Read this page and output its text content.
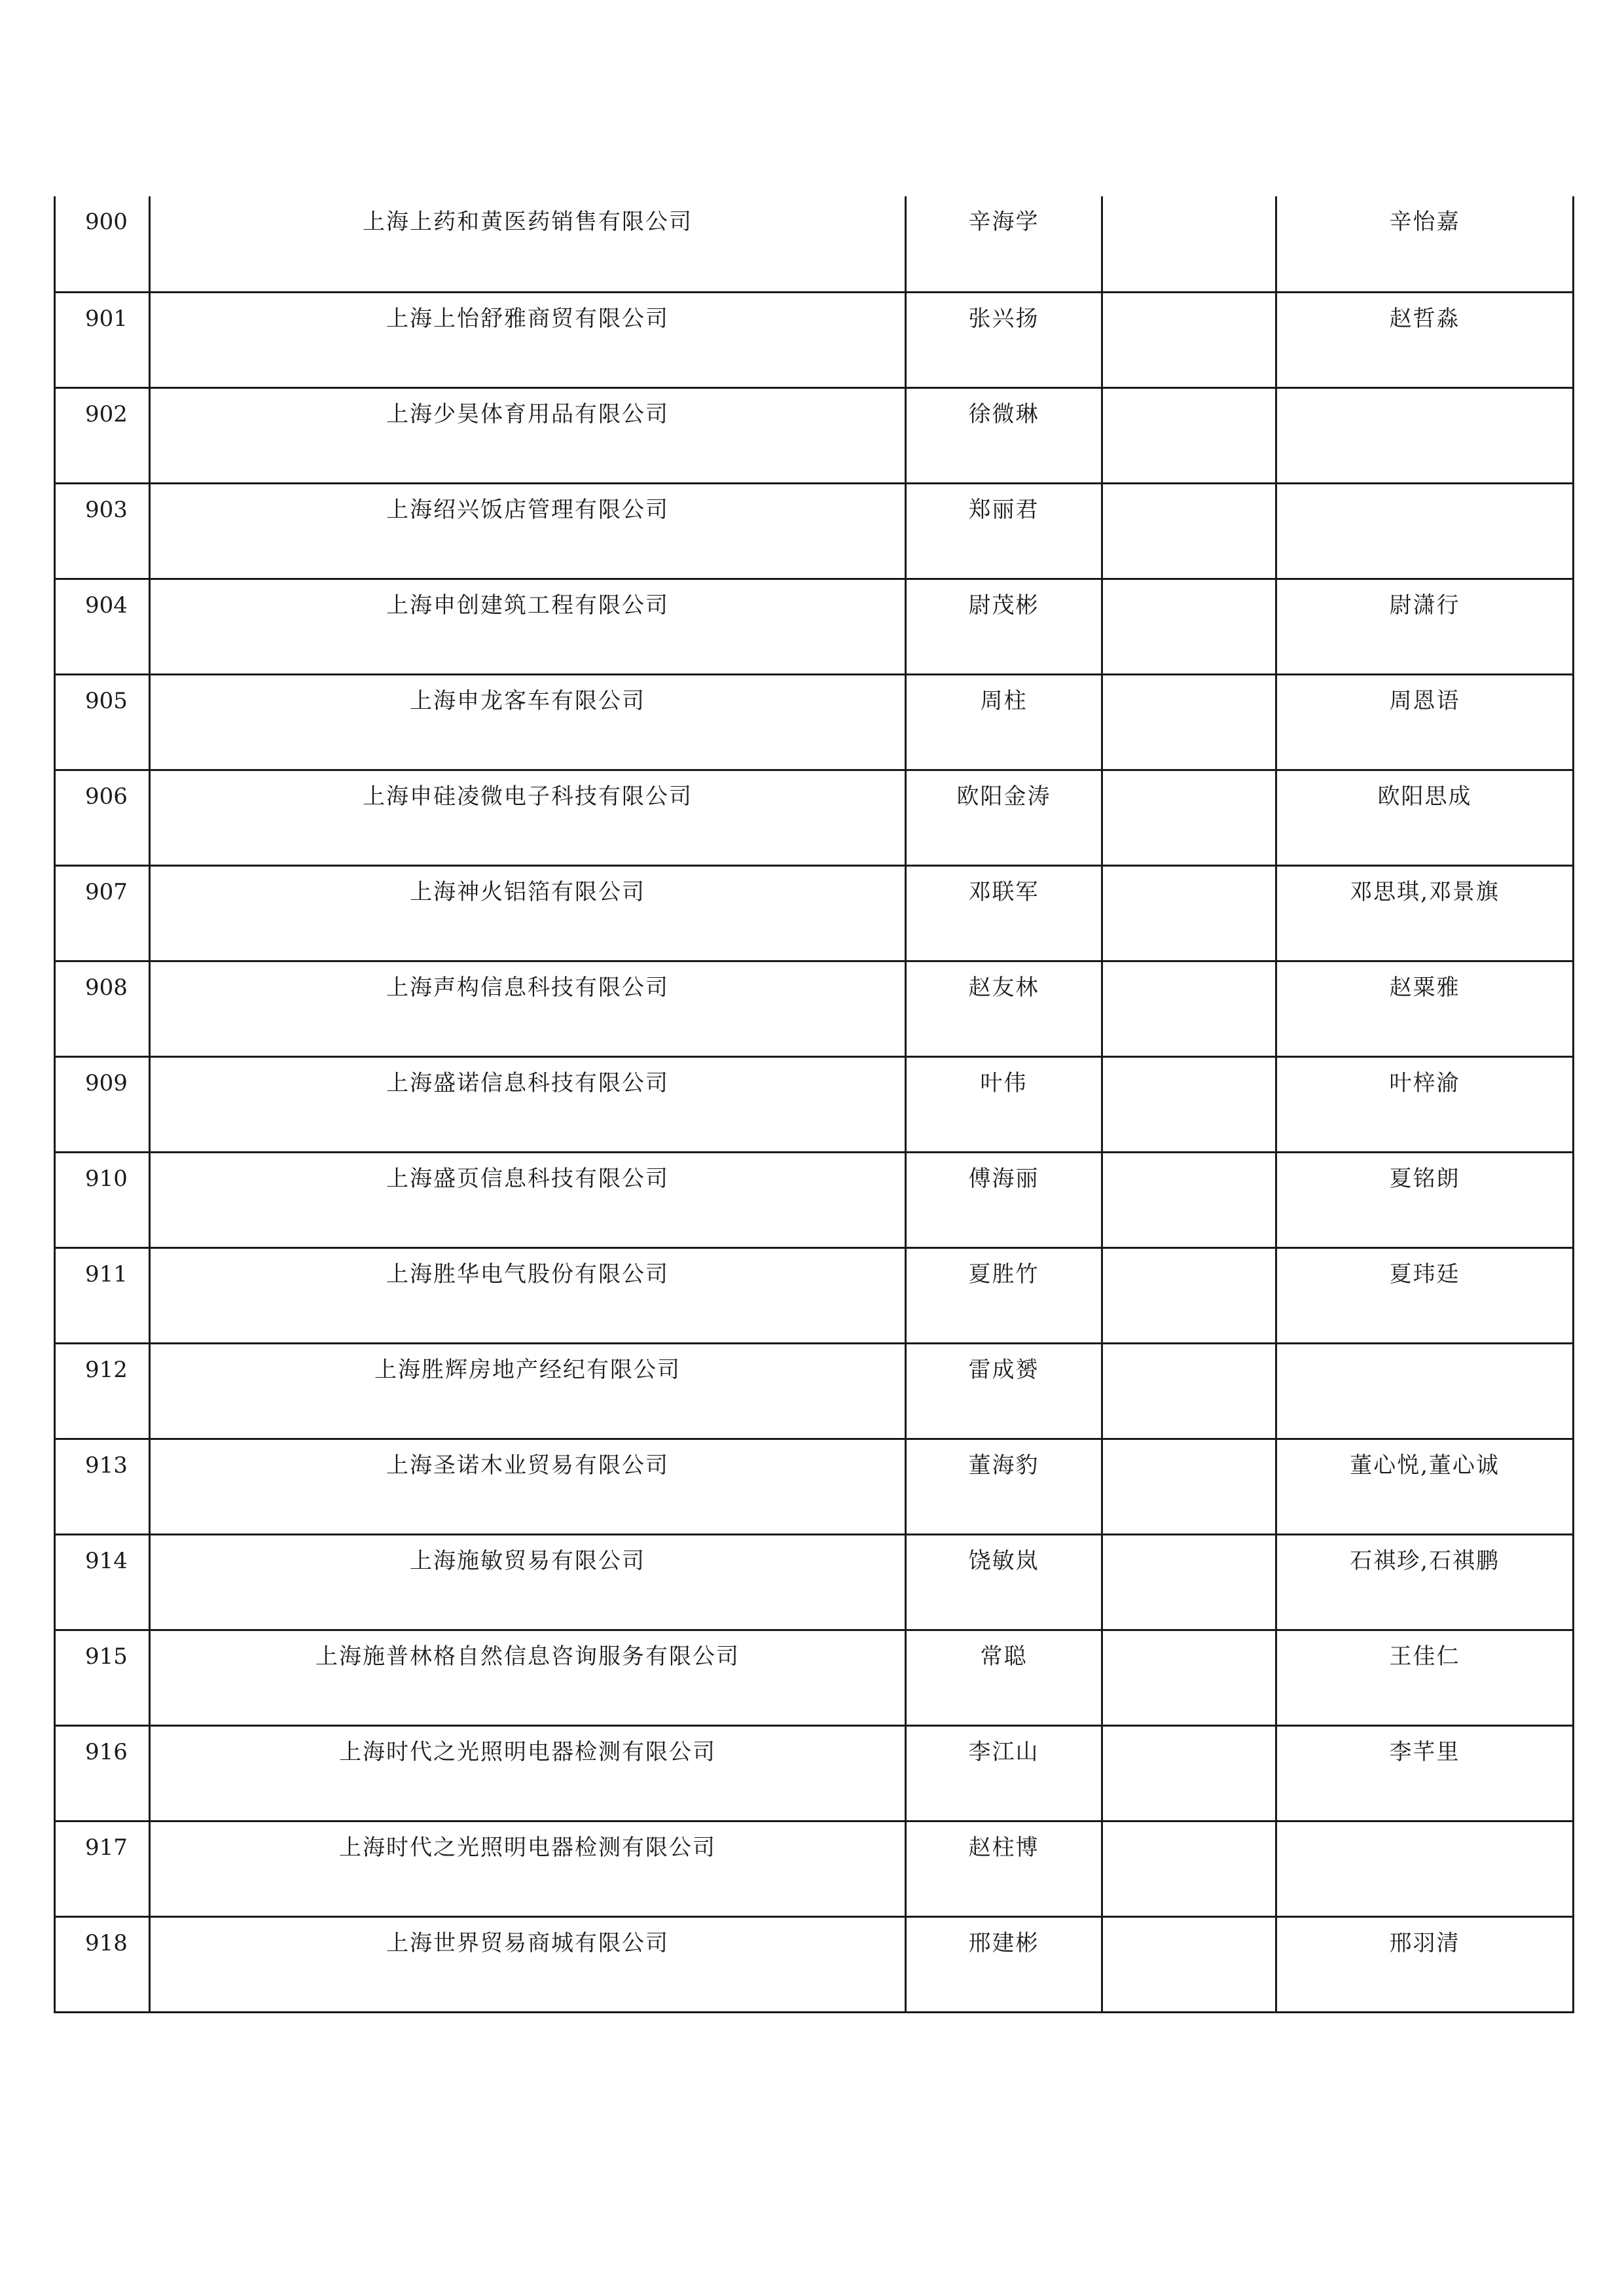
900	上海上药和黄医药销售有限公司	辛海学		辛怡嘉

901	上海上怡舒雅商贸有限公司	张兴扬		赵哲淼

902	上海少昊体育用品有限公司	徐微琳		

903	上海绍兴饭店管理有限公司	郑丽君		

904	上海申创建筑工程有限公司	尉茂彬		尉潇行

905	上海申龙客车有限公司	周柱		周恩语

906	上海申硅凌微电子科技有限公司	欧阳金涛		欧阳思成

907	上海神火铝箔有限公司	邓联军		邓思琪,邓景旗

908	上海声构信息科技有限公司	赵友林		赵粟雅

909	上海盛诺信息科技有限公司	叶伟		叶梓渝

910	上海盛页信息科技有限公司	傅海丽		夏铭朗

911	上海胜华电气股份有限公司	夏胜竹		夏玮廷

912	上海胜辉房地产经纪有限公司	雷成赟		

913	上海圣诺木业贸易有限公司	董海豹		董心悦,董心诚

914	上海施敏贸易有限公司	饶敏岚		石祺珍,石祺鹏

915	上海施普林格自然信息咨询服务有限公司	常聪		王佳仁

916	上海时代之光照明电器检测有限公司	李江山		李芊里

917	上海时代之光照明电器检测有限公司	赵柱博		

918	上海世界贸易商城有限公司	邢建彬		邢羽清
